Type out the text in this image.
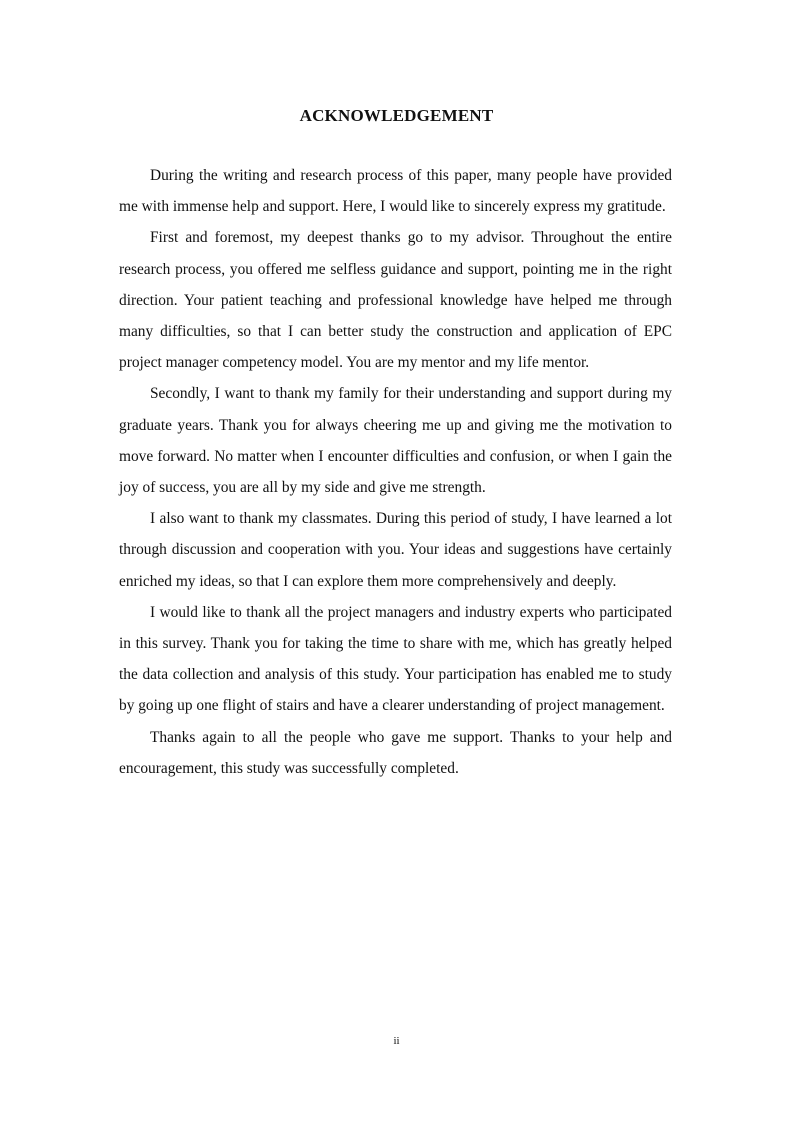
ACKNOWLEDGEMENT

During the writing and research process of this paper, many people have provided me with immense help and support. Here, I would like to sincerely express my gratitude.

First and foremost, my deepest thanks go to my advisor. Throughout the entire research process, you offered me selfless guidance and support, pointing me in the right direction. Your patient teaching and professional knowledge have helped me through many difficulties, so that I can better study the construction and application of EPC project manager competency model. You are my mentor and my life mentor.

Secondly, I want to thank my family for their understanding and support during my graduate years. Thank you for always cheering me up and giving me the motivation to move forward. No matter when I encounter difficulties and confusion, or when I gain the joy of success, you are all by my side and give me strength.

I also want to thank my classmates. During this period of study, I have learned a lot through discussion and cooperation with you. Your ideas and suggestions have certainly enriched my ideas, so that I can explore them more comprehensively and deeply.

I would like to thank all the project managers and industry experts who participated in this survey. Thank you for taking the time to share with me, which has greatly helped the data collection and analysis of this study. Your participation has enabled me to study by going up one flight of stairs and have a clearer understanding of project management.

Thanks again to all the people who gave me support. Thanks to your help and encouragement, this study was successfully completed.

ii
